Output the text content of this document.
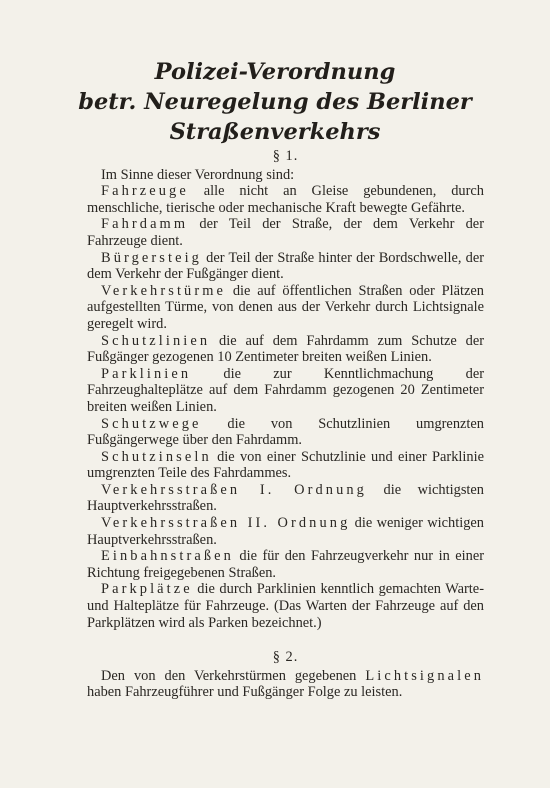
Polizei-Verordnung
betr. Neuregelung des Berliner
Straßenverkehrs
§ 1.

Im Sinne dieser Verordnung sind:

Fahrzeuge alle nicht an Gleise gebundenen, durch menschliche, tierische oder mechanische Kraft bewegte Gefährte.

Fahrdamm der Teil der Straße, der dem Verkehr der Fahrzeuge dient.

Bürgersteig der Teil der Straße hinter der Bordschwelle, der dem Verkehr der Fußgänger dient.

Verkehrstürme die auf öffentlichen Straßen oder Plätzen aufgestellten Türme, von denen aus der Verkehr durch Lichtsignale geregelt wird.

Schutzlinien die auf dem Fahrdamm zum Schutze der Fußgänger gezogenen 10 Zentimeter breiten weißen Linien.

Parklinien die zur Kenntlichmachung der Fahrzeughalteplätze auf dem Fahrdamm gezogenen 20 Zentimeter breiten weißen Linien.

Schutzwege die von Schutzlinien umgrenzten Fußgängerwege über den Fahrdamm.

Schutzinseln die von einer Schutzlinie und einer Parklinie umgrenzten Teile des Fahrdammes.

Verkehrsstraßen I. Ordnung die wichtigsten Hauptverkehrsstraßen.

Verkehrsstraßen II. Ordnung die weniger wichtigen Hauptverkehrsstraßen.

Einbahnstraßen die für den Fahrzeugverkehr nur in einer Richtung freigegebenen Straßen.

Parkplätze die durch Parklinien kenntlich gemachten Warte- und Halteplätze für Fahrzeuge. (Das Warten der Fahrzeuge auf den Parkplätzen wird als Parken bezeichnet.)

§ 2.

Den von den Verkehrstürmen gegebenen Lichtsignalen haben Fahrzeugführer und Fußgänger Folge zu leisten.
